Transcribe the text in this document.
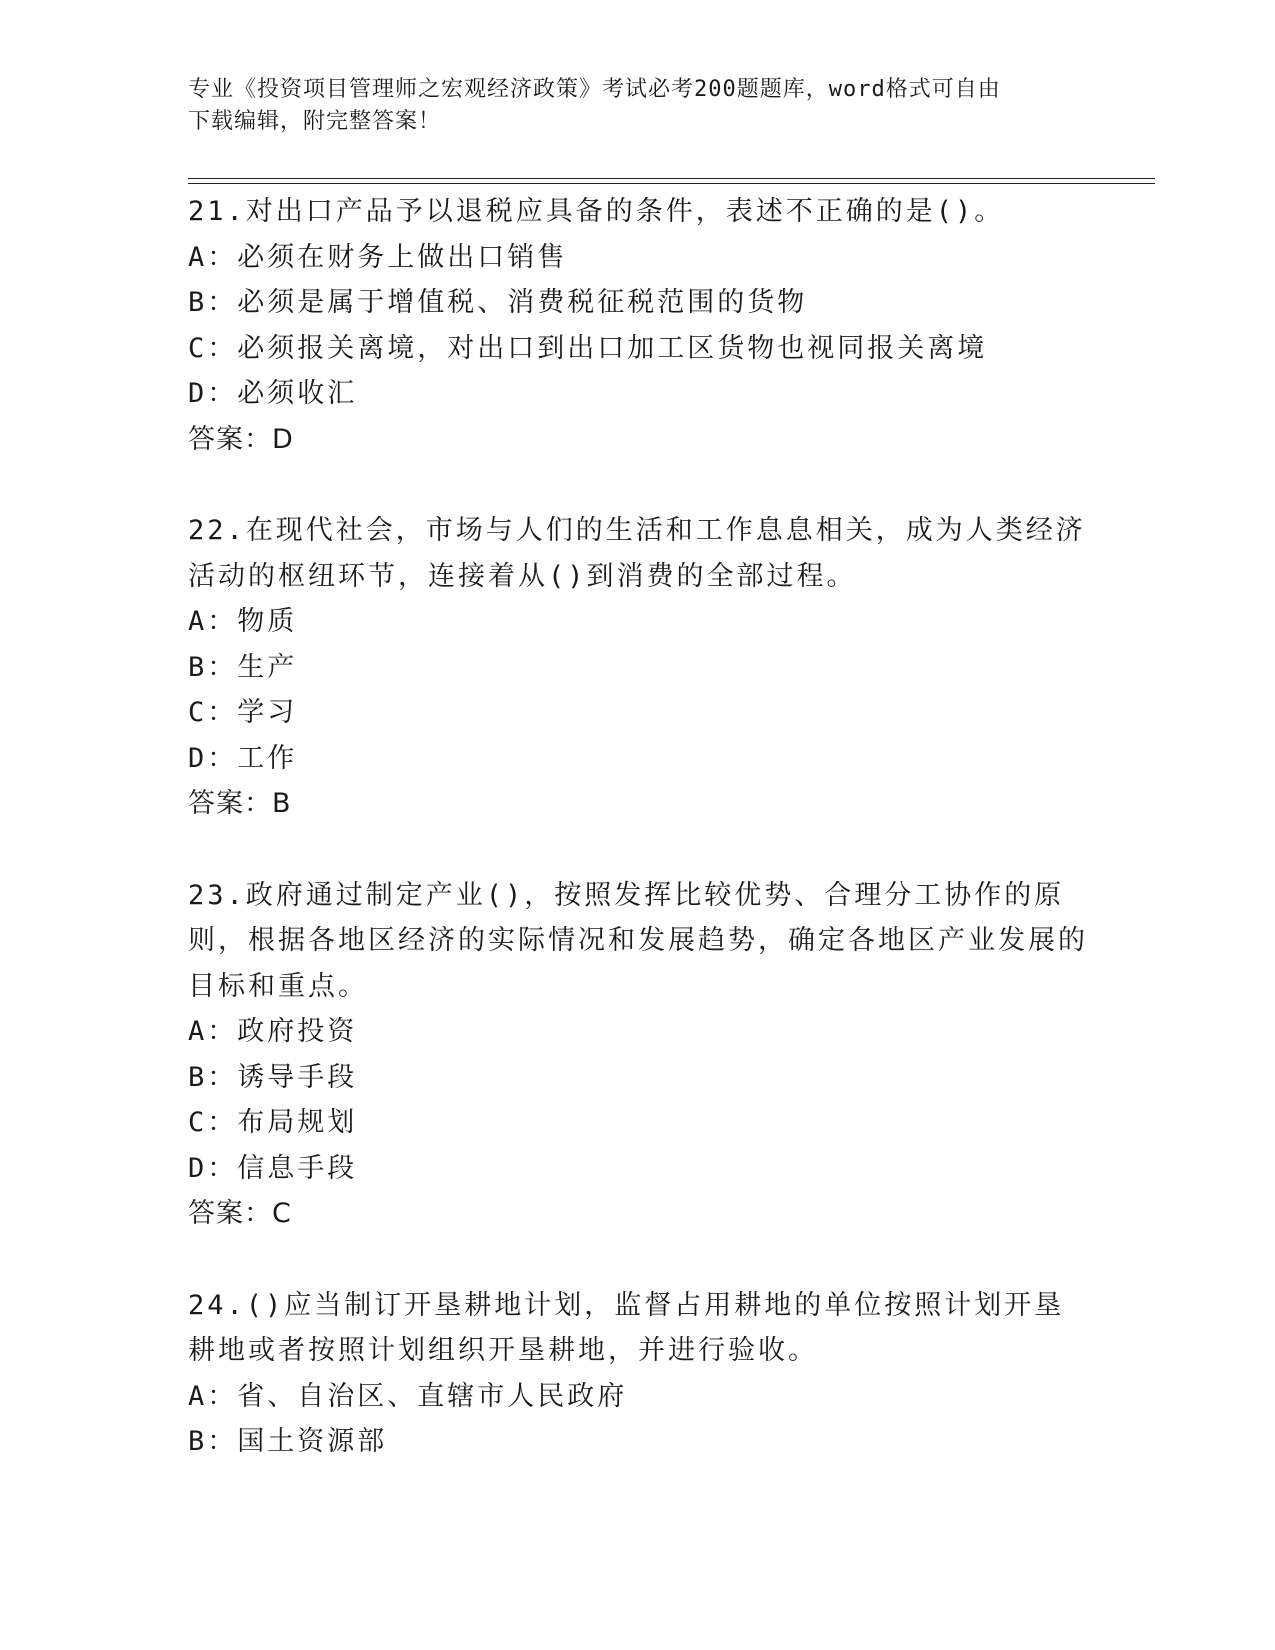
专业《投资项目管理师之宏观经济政策》考试必考200题题库，word格式可自由
下载编辑，附完整答案！

21.对出口产品予以退税应具备的条件，表述不正确的是()。

A：必须在财务上做出口销售

B：必须是属于增值税、消费税征税范围的货物

C：必须报关离境，对出口到出口加工区货物也视同报关离境

D：必须收汇

答案：D

22.在现代社会，市场与人们的生活和工作息息相关，成为人类经济活动的枢纽环节，连接着从()到消费的全部过程。

A：物质

B：生产

C：学习

D：工作

答案：B

23.政府通过制定产业()，按照发挥比较优势、合理分工协作的原则，根据各地区经济的实际情况和发展趋势，确定各地区产业发展的目标和重点。

A：政府投资

B：诱导手段

C：布局规划

D：信息手段

答案：C

24.()应当制订开垦耕地计划，监督占用耕地的单位按照计划开垦耕地或者按照计划组织开垦耕地，并进行验收。

A：省、自治区、直辖市人民政府

B：国土资源部
